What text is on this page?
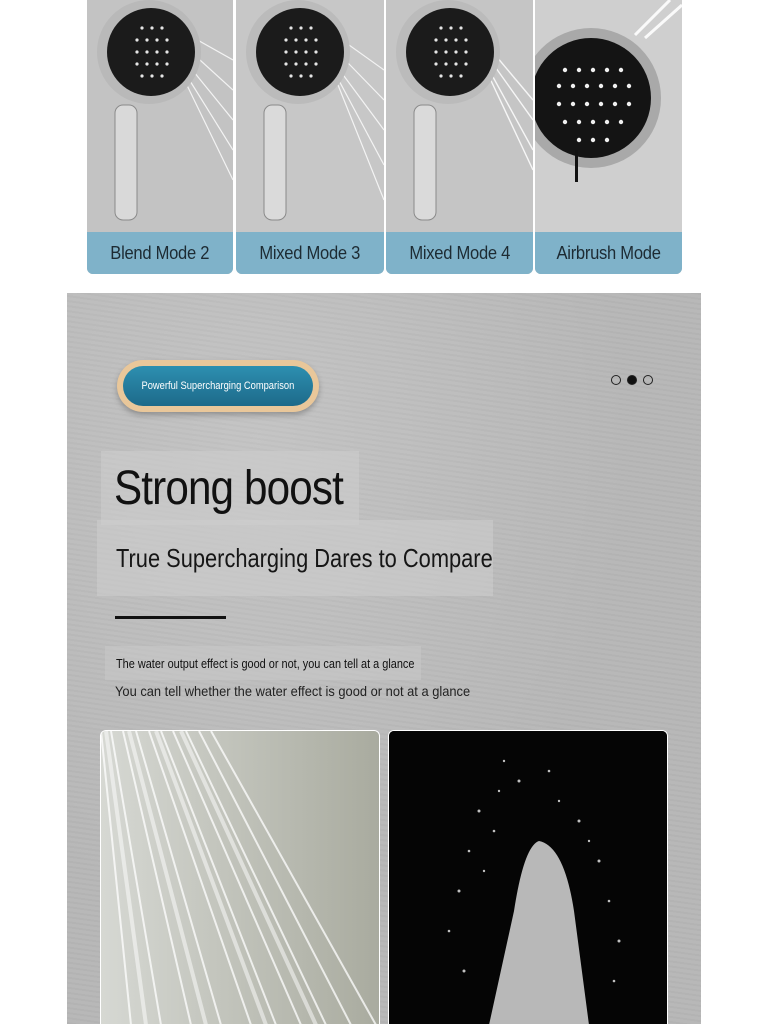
Blend Mode 2	Mixed Mode 3	Mixed Mode 4	Airbrush Mode
Powerful Supercharging Comparison
Strong boost
True Supercharging Dares to Compare
The water output effect is good or not, you can tell at a glance
You can tell whether the water effect is good or not at a glance
